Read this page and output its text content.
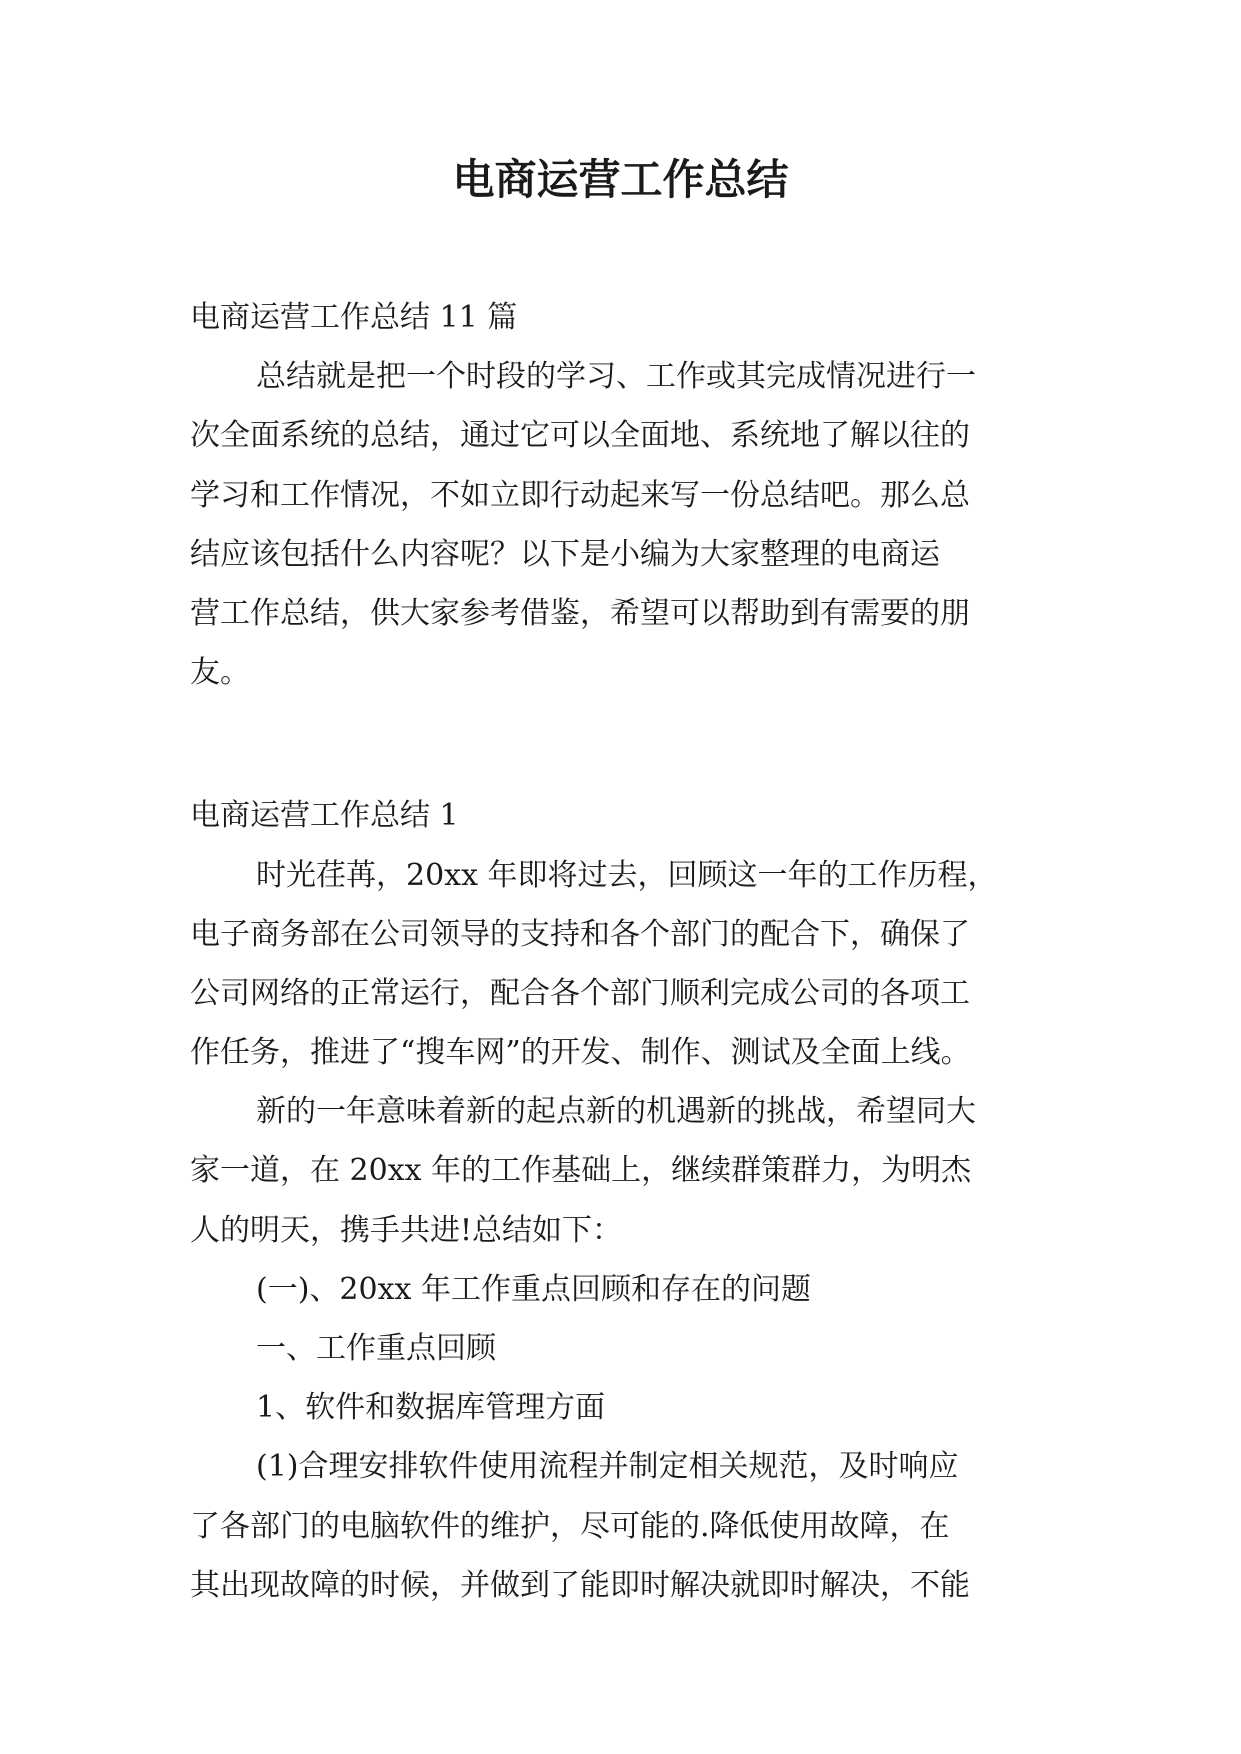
电商运营工作总结
电商运营工作总结 11 篇
总结就是把一个时段的学习、工作或其完成情况进行一
次全面系统的总结，通过它可以全面地、系统地了解以往的
学习和工作情况，不如立即行动起来写一份总结吧。那么总
结应该包括什么内容呢？以下是小编为大家整理的电商运
营工作总结，供大家参考借鉴，希望可以帮助到有需要的朋
友。
电商运营工作总结 1
时光荏苒，20xx 年即将过去，回顾这一年的工作历程，
电子商务部在公司领导的支持和各个部门的配合下，确保了
公司网络的正常运行，配合各个部门顺利完成公司的各项工
作任务，推进了“搜车网”的开发、制作、测试及全面上线。
新的一年意味着新的起点新的机遇新的挑战，希望同大
家一道，在 20xx 年的工作基础上，继续群策群力，为明杰
人的明天，携手共进!总结如下：
(一)、20xx 年工作重点回顾和存在的问题
一、工作重点回顾
1、软件和数据库管理方面
(1)合理安排软件使用流程并制定相关规范，及时响应
了各部门的电脑软件的维护，尽可能的.降低使用故障，在
其出现故障的时候，并做到了能即时解决就即时解决，不能
